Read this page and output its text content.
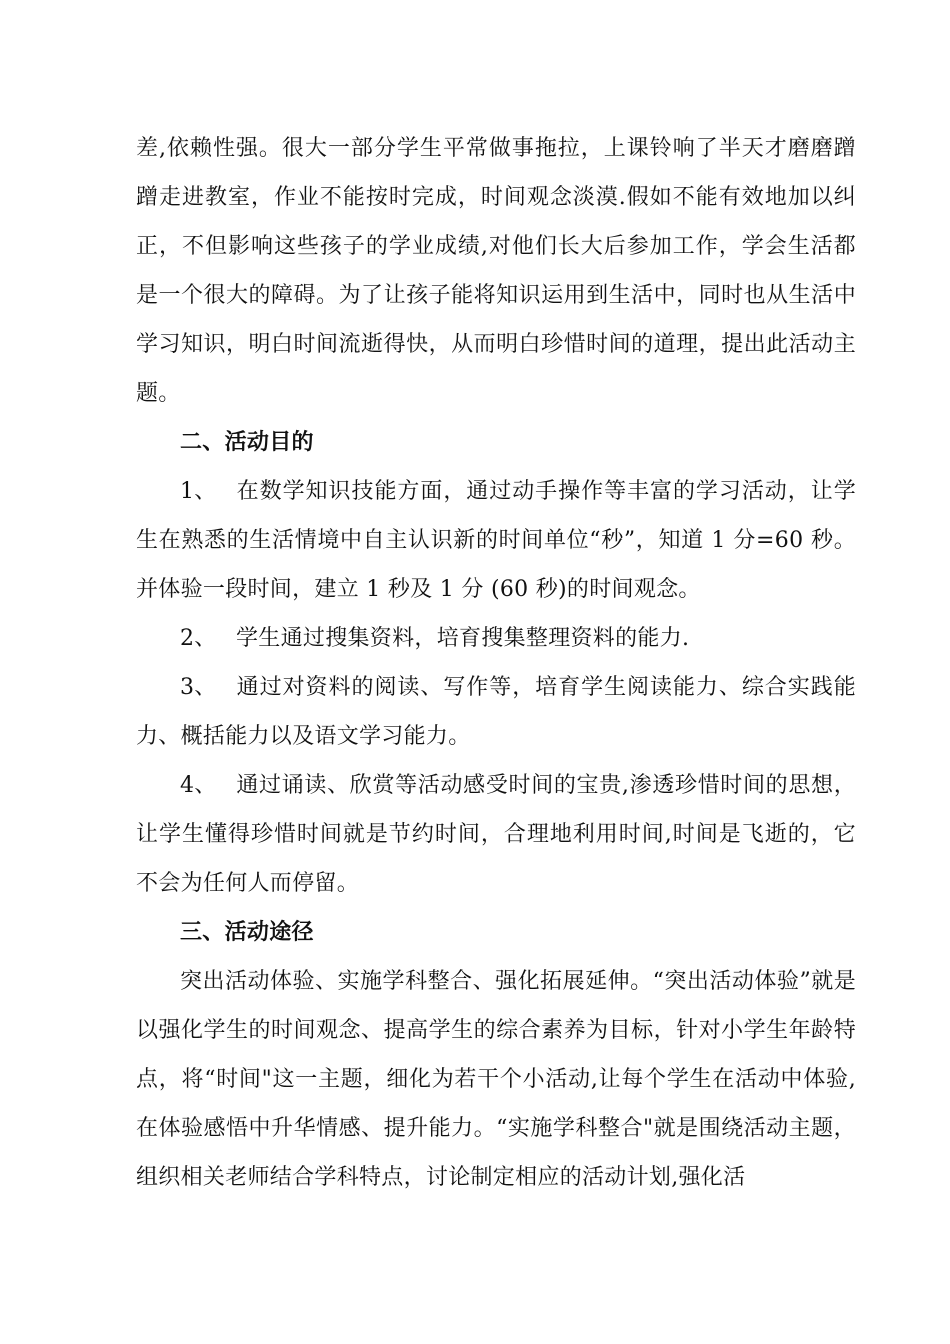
差,依赖性强。很大一部分学生平常做事拖拉，上课铃响了半天才磨磨蹭蹭走进教室，作业不能按时完成，时间观念淡漠.假如不能有效地加以纠正，不但影响这些孩子的学业成绩,对他们长大后参加工作，学会生活都是一个很大的障碍。为了让孩子能将知识运用到生活中，同时也从生活中学习知识，明白时间流逝得快，从而明白珍惜时间的道理，提出此活动主题。

二、活动目的

1、 在数学知识技能方面，通过动手操作等丰富的学习活动，让学生在熟悉的生活情境中自主认识新的时间单位“秒”，知道 1 分=60 秒。并体验一段时间，建立 1 秒及 1 分 (60 秒)的时间观念。

2、 学生通过搜集资料，培育搜集整理资料的能力.

3、 通过对资料的阅读、写作等，培育学生阅读能力、综合实践能力、概括能力以及语文学习能力。

4、 通过诵读、欣赏等活动感受时间的宝贵,渗透珍惜时间的思想，让学生懂得珍惜时间就是节约时间，合理地利用时间,时间是飞逝的，它不会为任何人而停留。

三、活动途径

突出活动体验、实施学科整合、强化拓展延伸。“突出活动体验”就是以强化学生的时间观念、提高学生的综合素养为目标，针对小学生年龄特点，将“时间"这一主题，细化为若干个小活动,让每个学生在活动中体验,在体验感悟中升华情感、提升能力。“实施学科整合"就是围绕活动主题，组织相关老师结合学科特点，讨论制定相应的活动计划,强化活
